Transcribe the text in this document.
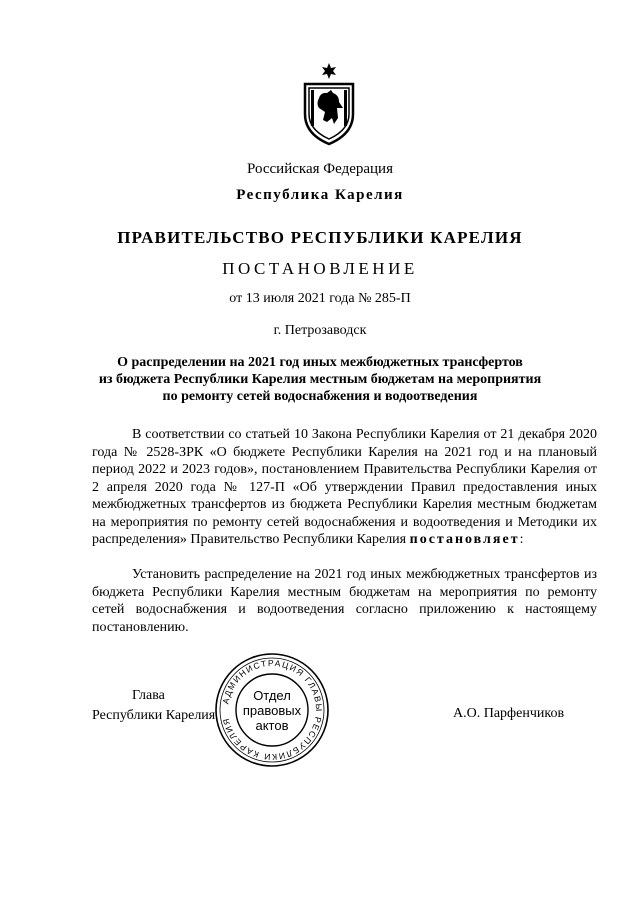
Российская Федерация
Республика Карелия
ПРАВИТЕЛЬСТВО РЕСПУБЛИКИ КАРЕЛИЯ
ПОСТАНОВЛЕНИЕ
от 13 июля 2021 года № 285-П
г. Петрозаводск
О распределении на 2021 год иных межбюджетных трансфертов
из бюджета Республики Карелия местным бюджетам на мероприятия
по ремонту сетей водоснабжения и водоотведения

В соответствии со статьей 10 Закона Республики Карелия от 21 декабря 2020 года № 2528-ЗРК «О бюджете Республики Карелия на 2021 год и на плановый период 2022 и 2023 годов», постановлением Правительства Республики Карелия от 2 апреля 2020 года № 127-П «Об утверждении Правил предоставления иных межбюджетных трансфертов из бюджета Республики Карелия местным бюджетам на мероприятия по ремонту сетей водоснабжения и водоотведения и Методики их распределения» Правительство Республики Карелия постановляет:

Установить распределение на 2021 год иных межбюджетных трансфертов из бюджета Республики Карелия местным бюджетам на мероприятия по ремонту сетей водоснабжения и водоотведения согласно приложению к настоящему постановлению.

Глава
Республики Карелия
АДМИНИСТРАЦИЯ ГЛАВЫ РЕСПУБЛИКИ КАРЕЛИЯ
Отдел
правовых
актов
А.О. Парфенчиков
